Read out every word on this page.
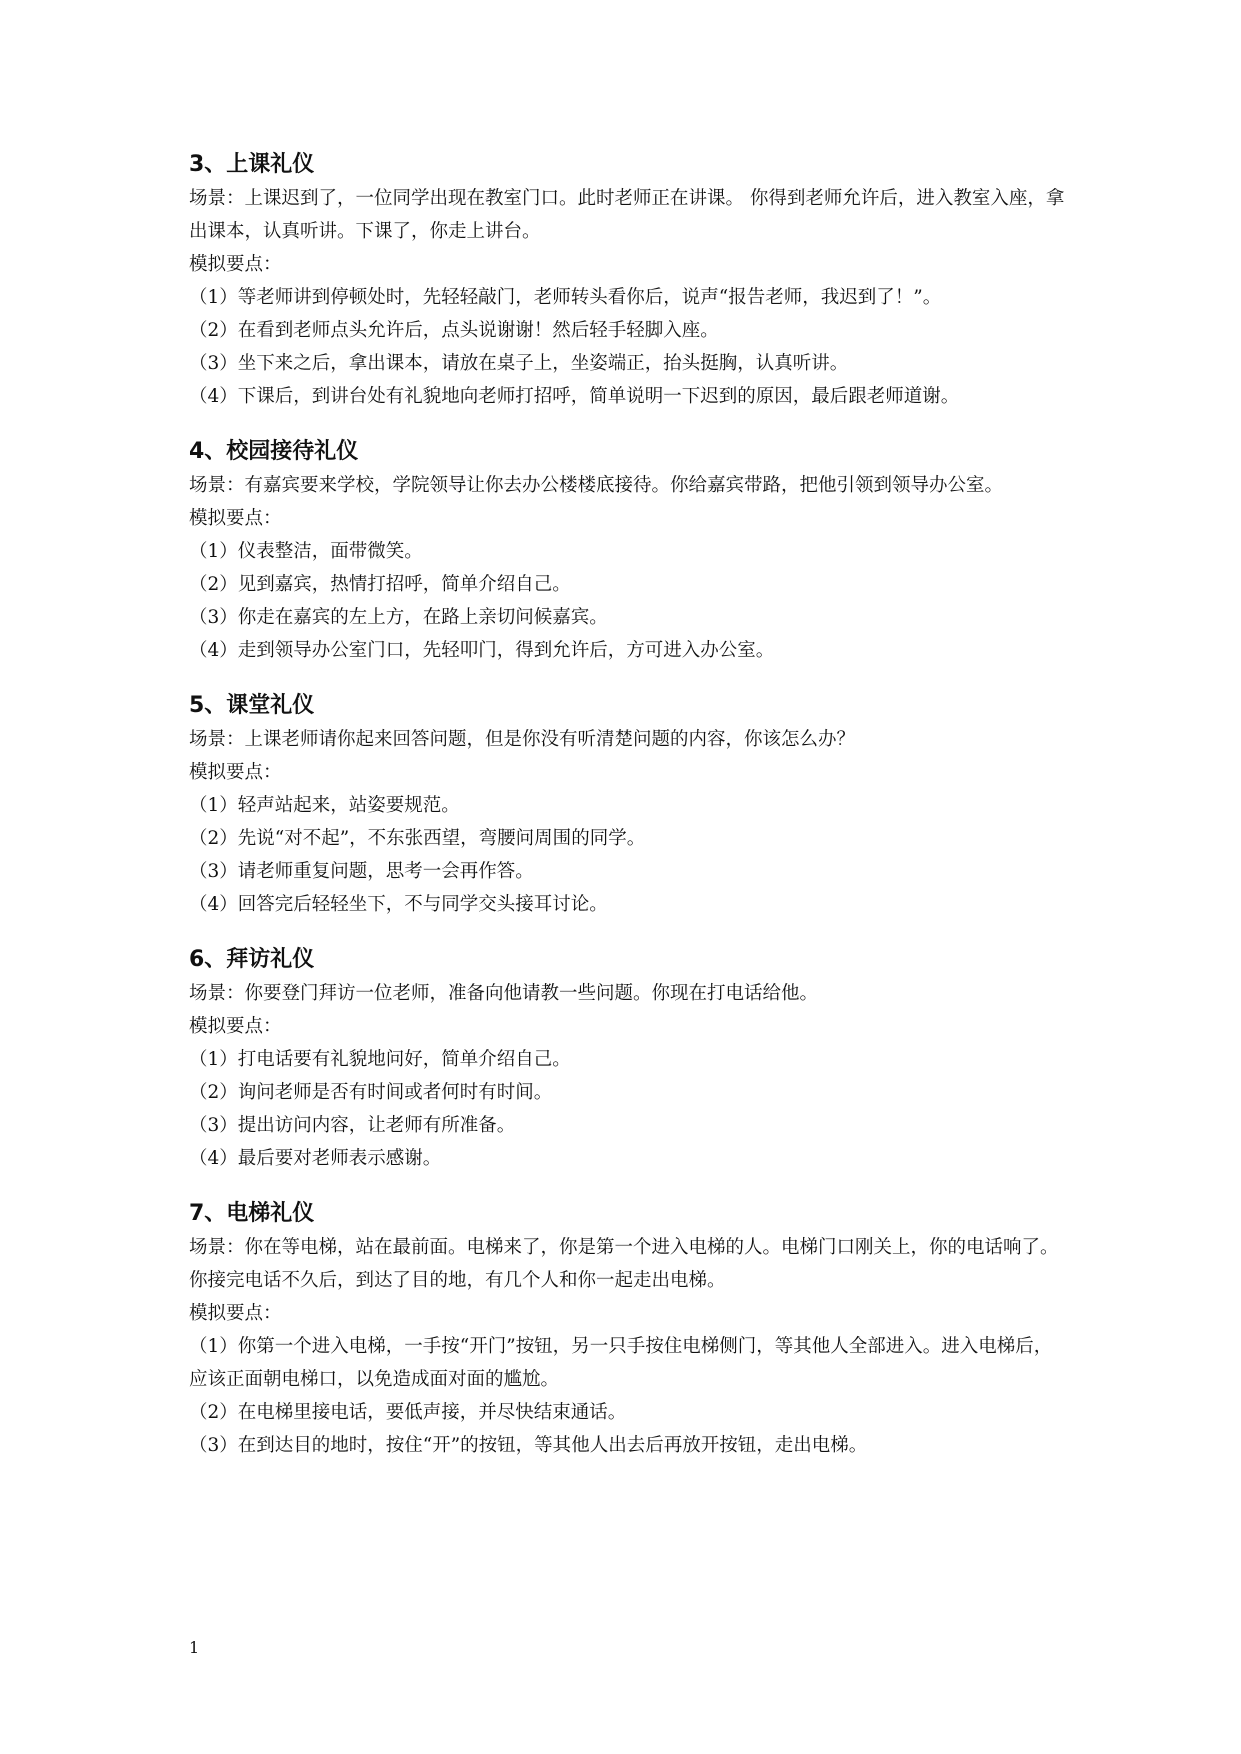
3、上课礼仪

场景：上课迟到了，一位同学出现在教室门口。此时老师正在讲课。 你得到老师允许后，进入教室入座，拿出课本，认真听讲。下课了，你走上讲台。

模拟要点：

（1）等老师讲到停顿处时，先轻轻敲门，老师转头看你后，说声“报告老师，我迟到了！”。

（2）在看到老师点头允许后，点头说谢谢！然后轻手轻脚入座。

（3）坐下来之后，拿出课本，请放在桌子上，坐姿端正，抬头挺胸，认真听讲。

（4）下课后，到讲台处有礼貌地向老师打招呼，简单说明一下迟到的原因，最后跟老师道谢。

4、校园接待礼仪

场景：有嘉宾要来学校，学院领导让你去办公楼楼底接待。你给嘉宾带路，把他引领到领导办公室。

模拟要点：

（1）仪表整洁，面带微笑。

（2）见到嘉宾，热情打招呼，简单介绍自己。

（3）你走在嘉宾的左上方，在路上亲切问候嘉宾。

（4）走到领导办公室门口，先轻叩门，得到允许后，方可进入办公室。

5、课堂礼仪

场景：上课老师请你起来回答问题，但是你没有听清楚问题的内容，你该怎么办？

模拟要点：

（1）轻声站起来，站姿要规范。

（2）先说“对不起”，不东张西望，弯腰问周围的同学。

（3）请老师重复问题，思考一会再作答。

（4）回答完后轻轻坐下，不与同学交头接耳讨论。

6、拜访礼仪

场景：你要登门拜访一位老师，准备向他请教一些问题。你现在打电话给他。

模拟要点：

（1）打电话要有礼貌地问好，简单介绍自己。

（2）询问老师是否有时间或者何时有时间。

（3）提出访问内容，让老师有所准备。

（4）最后要对老师表示感谢。

7、电梯礼仪

场景：你在等电梯，站在最前面。电梯来了，你是第一个进入电梯的人。电梯门口刚关上，你的电话响了。你接完电话不久后，到达了目的地，有几个人和你一起走出电梯。

模拟要点：

（1）你第一个进入电梯，一手按“开门”按钮，另一只手按住电梯侧门，等其他人全部进入。进入电梯后，应该正面朝电梯口，以免造成面对面的尴尬。

（2）在电梯里接电话，要低声接，并尽快结束通话。

（3）在到达目的地时，按住“开”的按钮，等其他人出去后再放开按钮，走出电梯。

1
